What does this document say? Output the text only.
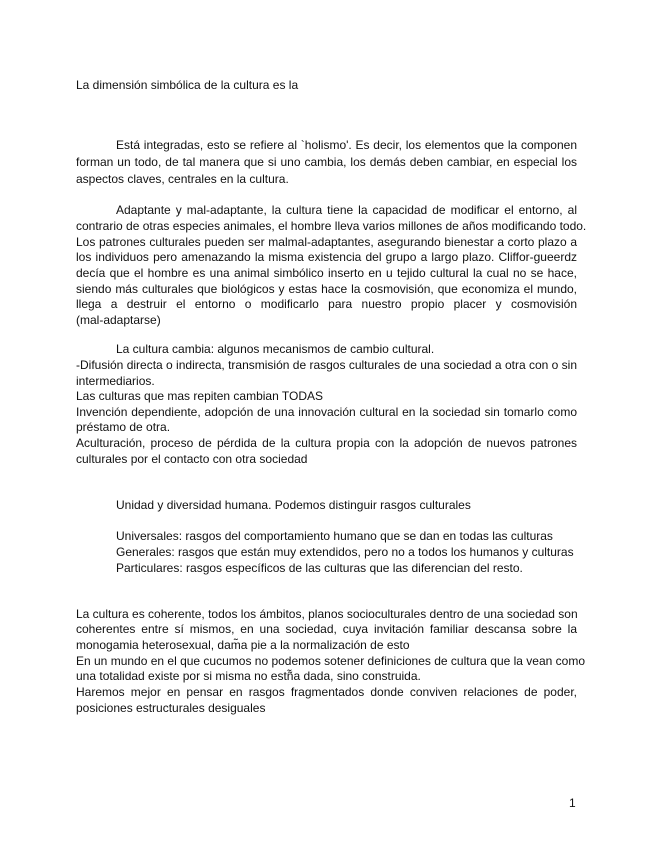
La dimensión simbólica de la cultura es la

Está integradas, esto se refiere al `holismo'. Es decir, los elementos que la componen

forman un todo, de tal manera que si uno cambia, los demás deben cambiar, en especial los

aspectos claves, centrales en la cultura.

Adaptante y mal-adaptante, la cultura tiene la capacidad de modificar el entorno, al

contrario de otras especies animales, el hombre lleva varios millones de años modificando todo.

Los patrones culturales pueden ser malmal-adaptantes, asegurando bienestar a corto plazo a

los individuos pero amenazando la misma existencia del grupo a largo plazo. Cliffor-gueerdz

decía que el hombre es una animal simbólico inserto en u tejido cultural la cual no se hace,

siendo más culturales que biológicos y estas hace la cosmovisión, que economiza el mundo,

llega a destruir el entorno o modificarlo para nuestro propio placer y cosmovisión

(mal-adaptarse)

La cultura cambia: algunos mecanismos de cambio cultural.

-Difusión directa o indirecta, transmisión de rasgos culturales de una sociedad a otra con o sin

intermediarios.

Las culturas que mas repiten cambian TODAS

Invención dependiente, adopción de una innovación cultural en la sociedad sin tomarlo como

préstamo de otra.

Aculturación, proceso de pérdida de la cultura propia con la adopción de nuevos patrones

culturales por el contacto con otra sociedad

Unidad y diversidad humana. Podemos distinguir rasgos culturales

Universales: rasgos del comportamiento humano que se dan en todas las culturas

Generales: rasgos que están muy extendidos, pero no a todos los humanos y culturas

Particulares: rasgos específicos de las culturas que las diferencian del resto.

La cultura es coherente, todos los ámbitos, planos socioculturales dentro de una sociedad son

coherentes entre sí mismos, en una sociedad, cuya invitación familiar descansa sobre la

monogamia heterosexual, dam̃a pie a la normalización de esto

En un mundo en el que cucumos no podemos sotener definiciones de cultura que la vean como

una totalidad existe por si misma no estñ̃a dada, sino construida.

Haremos mejor en pensar en rasgos fragmentados donde conviven relaciones de poder,

posiciones estructurales desiguales

1
